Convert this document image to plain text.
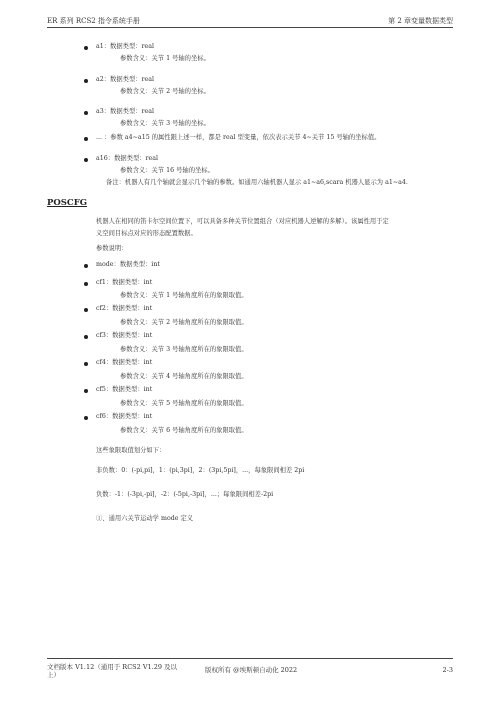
ER 系列 RCS2 指令系统手册	第 2 章变量数据类型
a1：数据类型：real
参数含义：关节 1 号轴的坐标。
a2：数据类型：real
参数含义：关节 2 号轴的坐标。
a3：数据类型：real
参数含义：关节 3 号轴的坐标。
... ：参数 a4~a15 的属性跟上述一样，都是 real 型变量，依次表示关节 4~关节 15 号轴的坐标值。
a16：数据类型：real
参数含义：关节 16 号轴的坐标。
备注：机器人有几个轴就会显示几个轴的参数。如通用六轴机器人显示 a1~a6,scara 机器人显示为 a1~a4.
POSCFG
机器人在相同的笛卡尔空间位置下，可以具备多种关节位置组合（对应机器人逆解的多解）。该属性用于定
义空间目标点对应的形态配置数据。
参数说明：
mode：数据类型：int
cf1：数据类型：int
参数含义：关节 1 号轴角度所在的象限取值。
cf2：数据类型：int
参数含义：关节 2 号轴角度所在的象限取值。
cf3：数据类型：int
参数含义：关节 3 号轴角度所在的象限取值。
cf4：数据类型：int
参数含义：关节 4 号轴角度所在的象限取值。
cf5：数据类型：int
参数含义：关节 5 号轴角度所在的象限取值。
cf6：数据类型：int
参数含义：关节 6 号轴角度所在的象限取值。
这些象限取值划分如下：
非负数：0：(-pi,pi]，1：(pi,3pi]，2：(3pi,5pi]，...，每象限间相差 2pi
负数：-1：(-3pi,-pi]，-2：(-5pi,-3pi]，...；每象限间相差-2pi
①、通用六关节运动学 mode 定义
文档版本 V1.12（通用于 RCS2 V1.29 及以
上）
版权所有 @埃斯顿自动化 2022	2-3
